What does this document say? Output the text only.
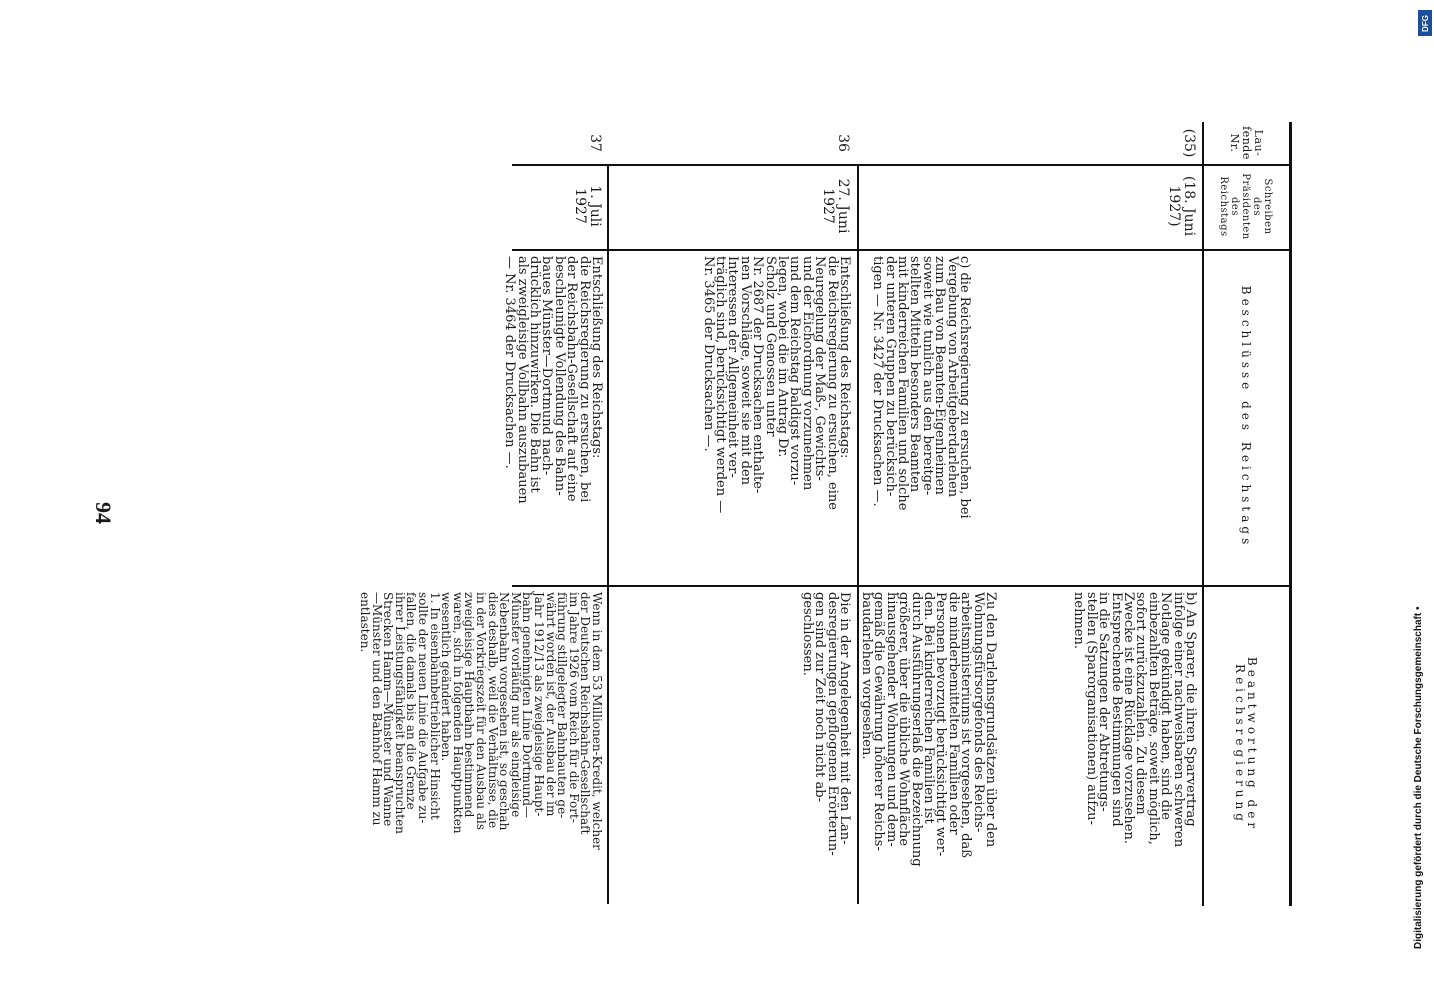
94
Digitalisierung gefördert durch die Deutsche Forschungsgemeinschaft •
DFG
Lau-
fende
Nr.
Schreiben
des
Präsidenten
des
Reichstags
Beschlüsse des Reichstags
Beantwortung der Reichsregierung
(35)
(18. Juni
1927)
c) die Reichsregierung zu ersuchen, bei
Vergebung von Arbeitgeberdarlehen
zum Bau von Beamten-Eigenheimen
soweit wie tunlich aus den bereitge-
stellten Mitteln besonders Beamten
mit kinderreichen Familien und solche
der unteren Gruppen zu berücksich-
tigen — Nr. 3427 der Drucksachen —.
b) An Sparer, die ihren Sparvertrag
infolge einer nachweisbaren schweren
Notlage gekündigt haben, sind die
einbezahlten Beträge, soweit möglich,
sofort zurückzuzahlen. Zu diesem
Zwecke ist eine Rücklage vorzusehen.
Entsprechende Bestimmungen sind
in die Satzungen der Abtretungs-
stellen (Sparorganisationen) aufzu-
nehmen.
Zu den Darlehnsgrundsätzen über den
Wohnungsfürsorgefonds des Reichs-
arbeitsministeriums ist vorgesehen, daß
die minderbemittelten Familien oder
Personen bevorzugt berücksichtigt wer-
den. Bei kinderreichen Familien ist
durch Ausführungserlaß die Bezeichnung
größerer, über die übliche Wohnfläche
hinausgehender Wohnungen und dem-
gemäß die Gewährung höherer Reichs-
baudarlehen vorgesehen.
36
27. Juni
1927
Entschließung des Reichstags:
die Reichsregierung zu ersuchen, eine
Neuregelung der Maß-, Gewichts-
und der Eichordnung vorzunehmen
und dem Reichstag baldigst vorzu-
legen, wobei die im Antrag Dr.
Scholz und Genossen unter
Nr. 2687 der Drucksachen enthalte-
nen Vorschläge, soweit sie mit den
Interessen der Allgemeinheit ver-
träglich sind, berücksichtigt werden —
Nr. 3465 der Drucksachen —.
Die in der Angelegenheit mit den Lan-
desregierungen gepflogenen Erörterun-
gen sind zur Zeit noch nicht ab-
geschlossen.
37
1. Juli
1927
Entschließung des Reichstags:
die Reichsregierung zu ersuchen, bei
der Reichsbahn-Gesellschaft auf eine
beschleunigte Vollendung des Bahn-
baues Münster—Dortmund nach-
drücklich hinzuwirken. Die Bahn ist
als zweigleisige Vollbahn auszubauen
— Nr. 3464 der Drucksachen —.
Wenn in dem 53 Millionen-Kredit, welcher
der Deutschen Reichsbahn-Gesellschaft
im Jahre 1926 vom Reich für die Fort-
führung stillgelegter Bahnbauten ge-
währt worden ist, der Ausbau der im
Jahr 1912/13 als zweigleisige Haupt-
bahn genehmigten Linie Dortmund—
Münster vorläufig nur als eingleisige
Nebenbahn vorgesehen ist, so geschah
dies deshalb, weil die Verhältnisse, die
in der Vorkriegszeit für den Ausbau als
zweigleisige Hauptbahn bestimmend
waren, sich in folgenden Hauptpunkten
wesentlich geändert haben.
1. In eisenbahnbetrieblicher Hinsicht
sollte der neuen Linie die Aufgabe zu-
fallen, die damals bis an die Grenze
ihrer Leistungsfähigkeit beanspruchten
Strecken Hamm—Münster und Wanne
—Münster und den Bahnhof Hamm zu
entlasten.
